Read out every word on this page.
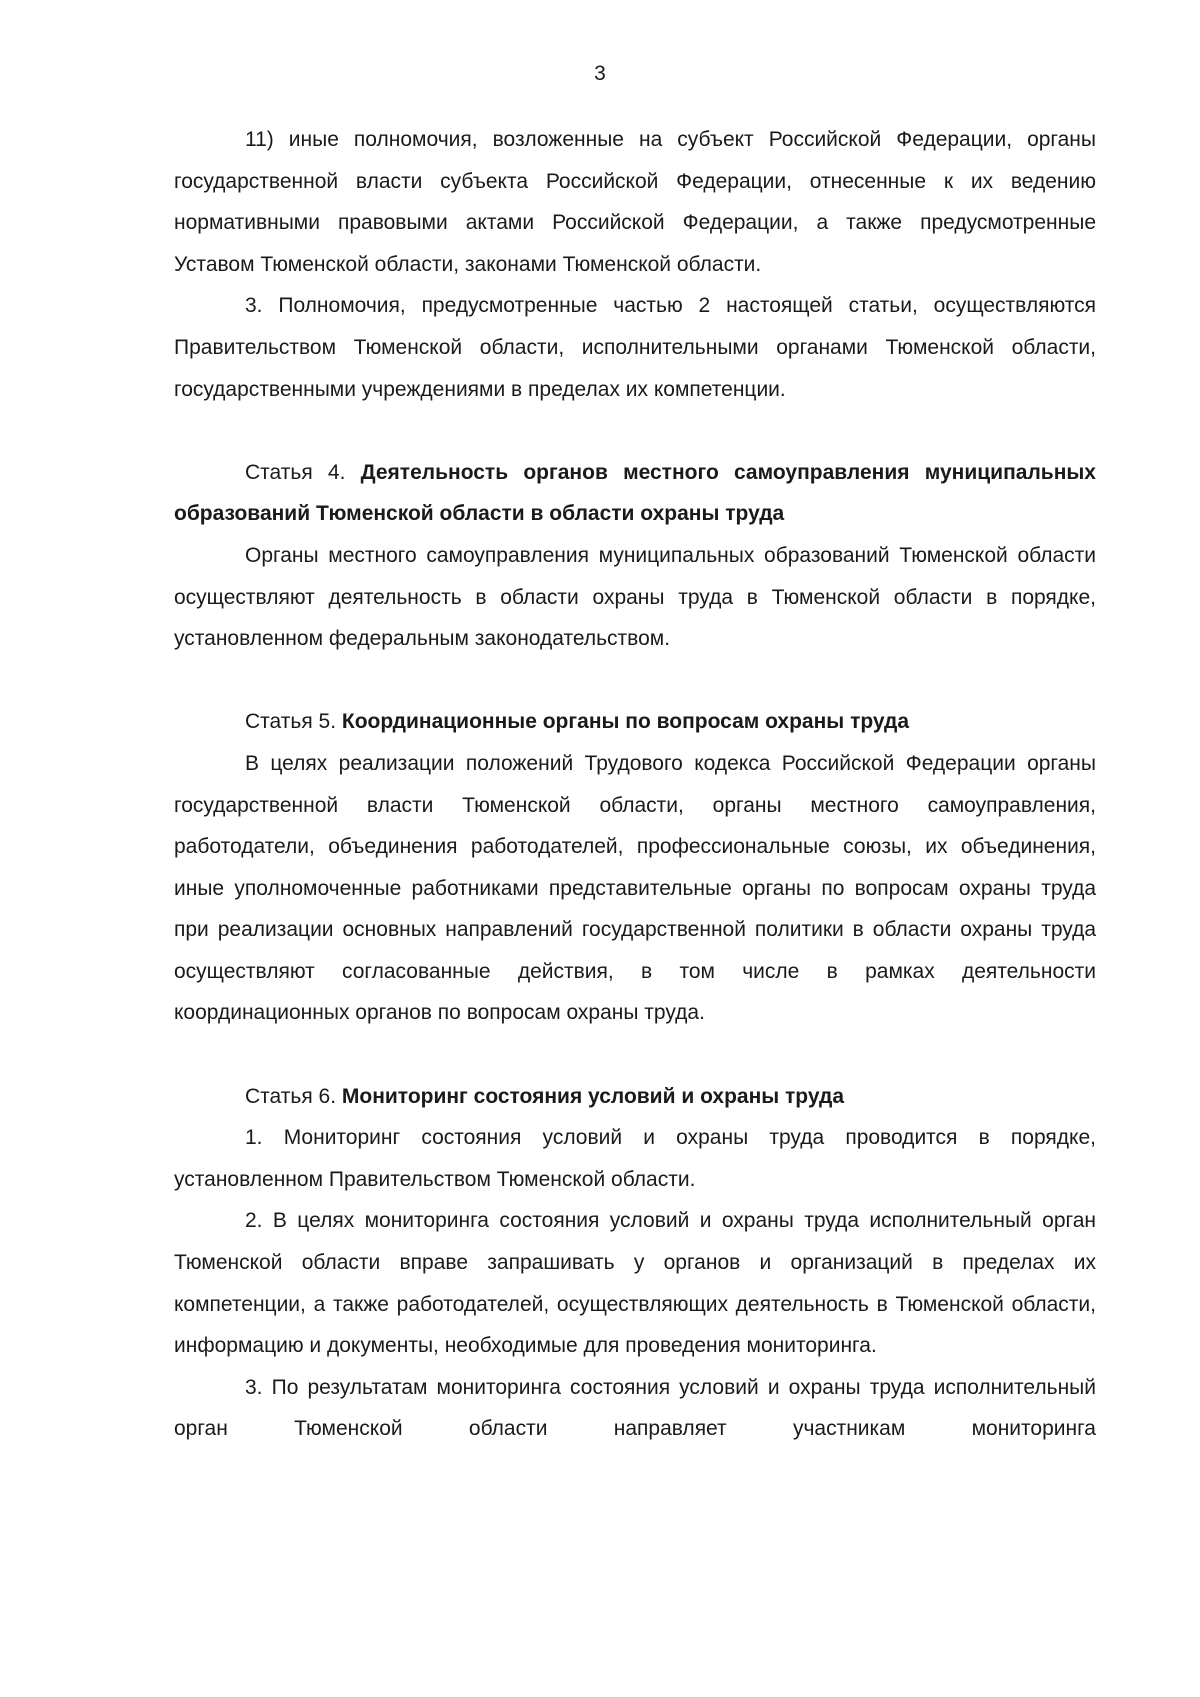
3

11) иные полномочия, возложенные на субъект Российской Федерации, органы государственной власти субъекта Российской Федерации, отнесенные к их ведению нормативными правовыми актами Российской Федерации, а также предусмотренные Уставом Тюменской области, законами Тюменской области.

3. Полномочия, предусмотренные частью 2 настоящей статьи, осуществляются Правительством Тюменской области, исполнительными органами Тюменской области, государственными учреждениями в пределах их компетенции.

Статья 4. Деятельность органов местного самоуправления муниципальных образований Тюменской области в области охраны труда

Органы местного самоуправления муниципальных образований Тюменской области осуществляют деятельность в области охраны труда в Тюменской области в порядке, установленном федеральным законодательством.

Статья 5. Координационные органы по вопросам охраны труда

В целях реализации положений Трудового кодекса Российской Федерации органы государственной власти Тюменской области, органы местного самоуправления, работодатели, объединения работодателей, профессиональные союзы, их объединения, иные уполномоченные работниками представительные органы по вопросам охраны труда при реализации основных направлений государственной политики в области охраны труда осуществляют согласованные действия, в том числе в рамках деятельности координационных органов по вопросам охраны труда.

Статья 6. Мониторинг состояния условий и охраны труда

1. Мониторинг состояния условий и охраны труда проводится в порядке, установленном Правительством Тюменской области.

2. В целях мониторинга состояния условий и охраны труда исполнительный орган Тюменской области вправе запрашивать у органов и организаций в пределах их компетенции, а также работодателей, осуществляющих деятельность в Тюменской области, информацию и документы, необходимые для проведения мониторинга.

3. По результатам мониторинга состояния условий и охраны труда исполнительный орган Тюменской области направляет участникам мониторинга
